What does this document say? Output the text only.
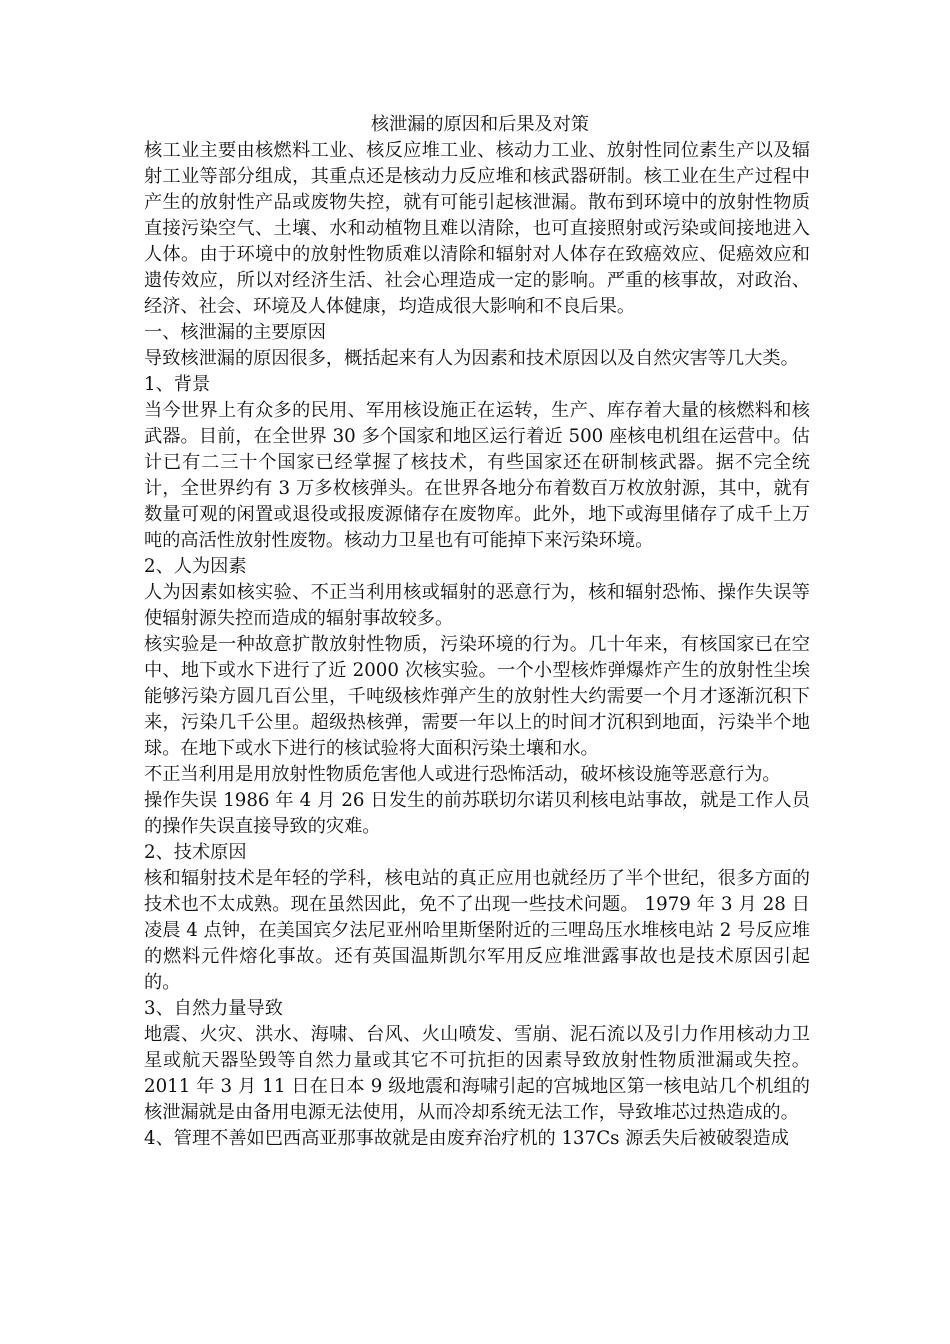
核泄漏的原因和后果及对策

核工业主要由核燃料工业、核反应堆工业、核动力工业、放射性同位素生产以及辐射工业等部分组成，其重点还是核动力反应堆和核武器研制。核工业在生产过程中产生的放射性产品或废物失控，就有可能引起核泄漏。散布到环境中的放射性物质直接污染空气、土壤、水和动植物且难以清除，也可直接照射或污染或间接地进入人体。由于环境中的放射性物质难以清除和辐射对人体存在致癌效应、促癌效应和遗传效应，所以对经济生活、社会心理造成一定的影响。严重的核事故，对政治、经济、社会、环境及人体健康，均造成很大影响和不良后果。

一、核泄漏的主要原因

导致核泄漏的原因很多，概括起来有人为因素和技术原因以及自然灾害等几大类。

1、背景

当今世界上有众多的民用、军用核设施正在运转，生产、库存着大量的核燃料和核武器。目前，在全世界 30 多个国家和地区运行着近 500 座核电机组在运营中。估计已有二三十个国家已经掌握了核技术，有些国家还在研制核武器。据不完全统计，全世界约有 3 万多枚核弹头。在世界各地分布着数百万枚放射源，其中，就有数量可观的闲置或退役或报废源储存在废物库。此外，地下或海里储存了成千上万吨的高活性放射性废物。核动力卫星也有可能掉下来污染环境。

2、人为因素

人为因素如核实验、不正当利用核或辐射的恶意行为，核和辐射恐怖、操作失误等使辐射源失控而造成的辐射事故较多。

核实验是一种故意扩散放射性物质，污染环境的行为。几十年来，有核国家已在空中、地下或水下进行了近 2000 次核实验。一个小型核炸弹爆炸产生的放射性尘埃能够污染方圆几百公里，千吨级核炸弹产生的放射性大约需要一个月才逐渐沉积下来，污染几千公里。超级热核弹，需要一年以上的时间才沉积到地面，污染半个地球。在地下或水下进行的核试验将大面积污染土壤和水。

不正当利用是用放射性物质危害他人或进行恐怖活动，破坏核设施等恶意行为。

操作失误 1986 年 4 月 26 日发生的前苏联切尔诺贝利核电站事故，就是工作人员的操作失误直接导致的灾难。

2、技术原因

核和辐射技术是年轻的学科，核电站的真正应用也就经历了半个世纪，很多方面的技术也不太成熟。现在虽然因此，免不了出现一些技术问题。 1979 年 3 月 28 日凌晨 4 点钟，在美国宾夕法尼亚州哈里斯堡附近的三哩岛压水堆核电站 2 号反应堆的燃料元件熔化事故。还有英国温斯凯尔军用反应堆泄露事故也是技术原因引起的。

3、自然力量导致

地震、火灾、洪水、海啸、台风、火山喷发、雪崩、泥石流以及引力作用核动力卫星或航天器坠毁等自然力量或其它不可抗拒的因素导致放射性物质泄漏或失控。2011 年 3 月 11 日在日本 9 级地震和海啸引起的宫城地区第一核电站几个机组的核泄漏就是由备用电源无法使用，从而冷却系统无法工作，导致堆芯过热造成的。

4、管理不善如巴西高亚那事故就是由废弃治疗机的 137Cs 源丢失后被破裂造成
